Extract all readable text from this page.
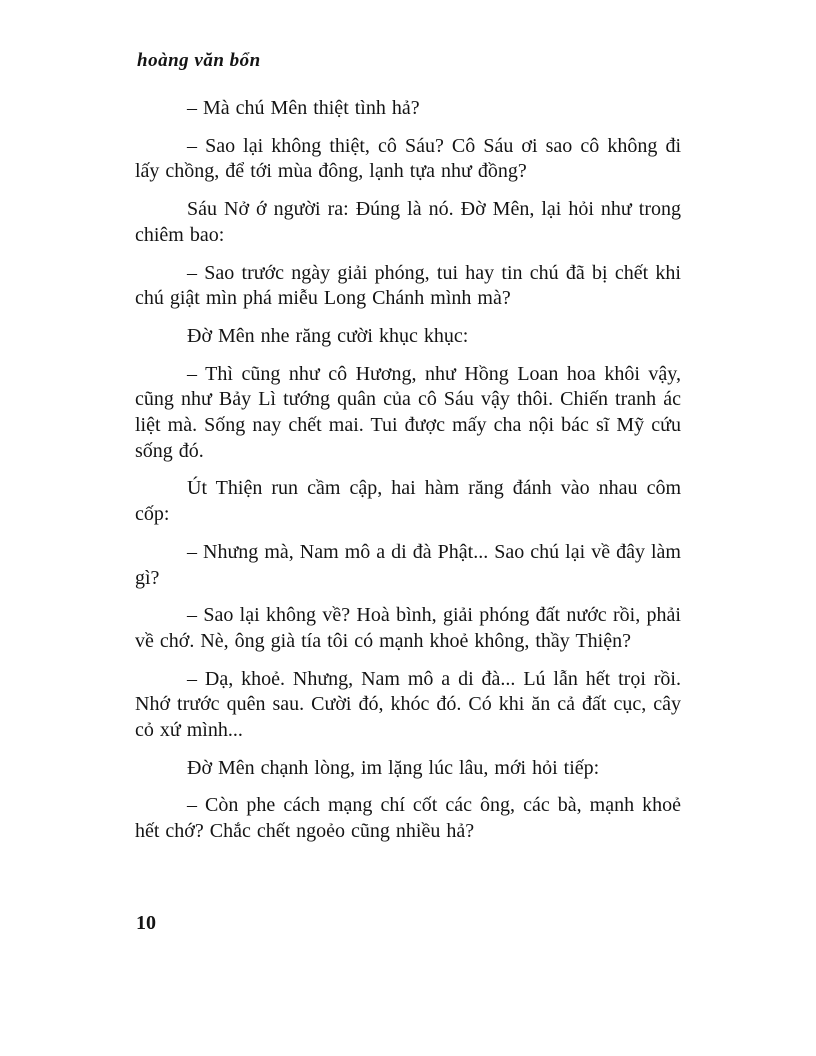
hoàng văn bổn

– Mà chú Mên thiệt tình hả?

– Sao lại không thiệt, cô Sáu? Cô Sáu ơi sao cô không đi lấy chồng, để tới mùa đông, lạnh tựa như đồng?

Sáu Nở ớ người ra: Đúng là nó. Đờ Mên, lại hỏi như trong chiêm bao:

– Sao trước ngày giải phóng, tui hay tin chú đã bị chết khi chú giật mìn phá miễu Long Chánh mình mà?

Đờ Mên nhe răng cười khục khục:

– Thì cũng như cô Hương, như Hồng Loan hoa khôi vậy, cũng như Bảy Lì tướng quân của cô Sáu vậy thôi. Chiến tranh ác liệt mà. Sống nay chết mai. Tui được mấy cha nội bác sĩ Mỹ cứu sống đó.

Út Thiện run cầm cập, hai hàm răng đánh vào nhau côm cốp:

– Nhưng mà, Nam mô a di đà Phật... Sao chú lại về đây làm gì?

– Sao lại không về? Hoà bình, giải phóng đất nước rồi, phải về chớ. Nè, ông già tía tôi có mạnh khoẻ không, thầy Thiện?

– Dạ, khoẻ. Nhưng, Nam mô a di đà... Lú lẫn hết trọi rồi. Nhớ trước quên sau. Cười đó, khóc đó. Có khi ăn cả đất cục, cây cỏ xứ mình...

Đờ Mên chạnh lòng, im lặng lúc lâu, mới hỏi tiếp:

– Còn phe cách mạng chí cốt các ông, các bà, mạnh khoẻ hết chớ? Chắc chết ngoẻo cũng nhiều hả?

10
